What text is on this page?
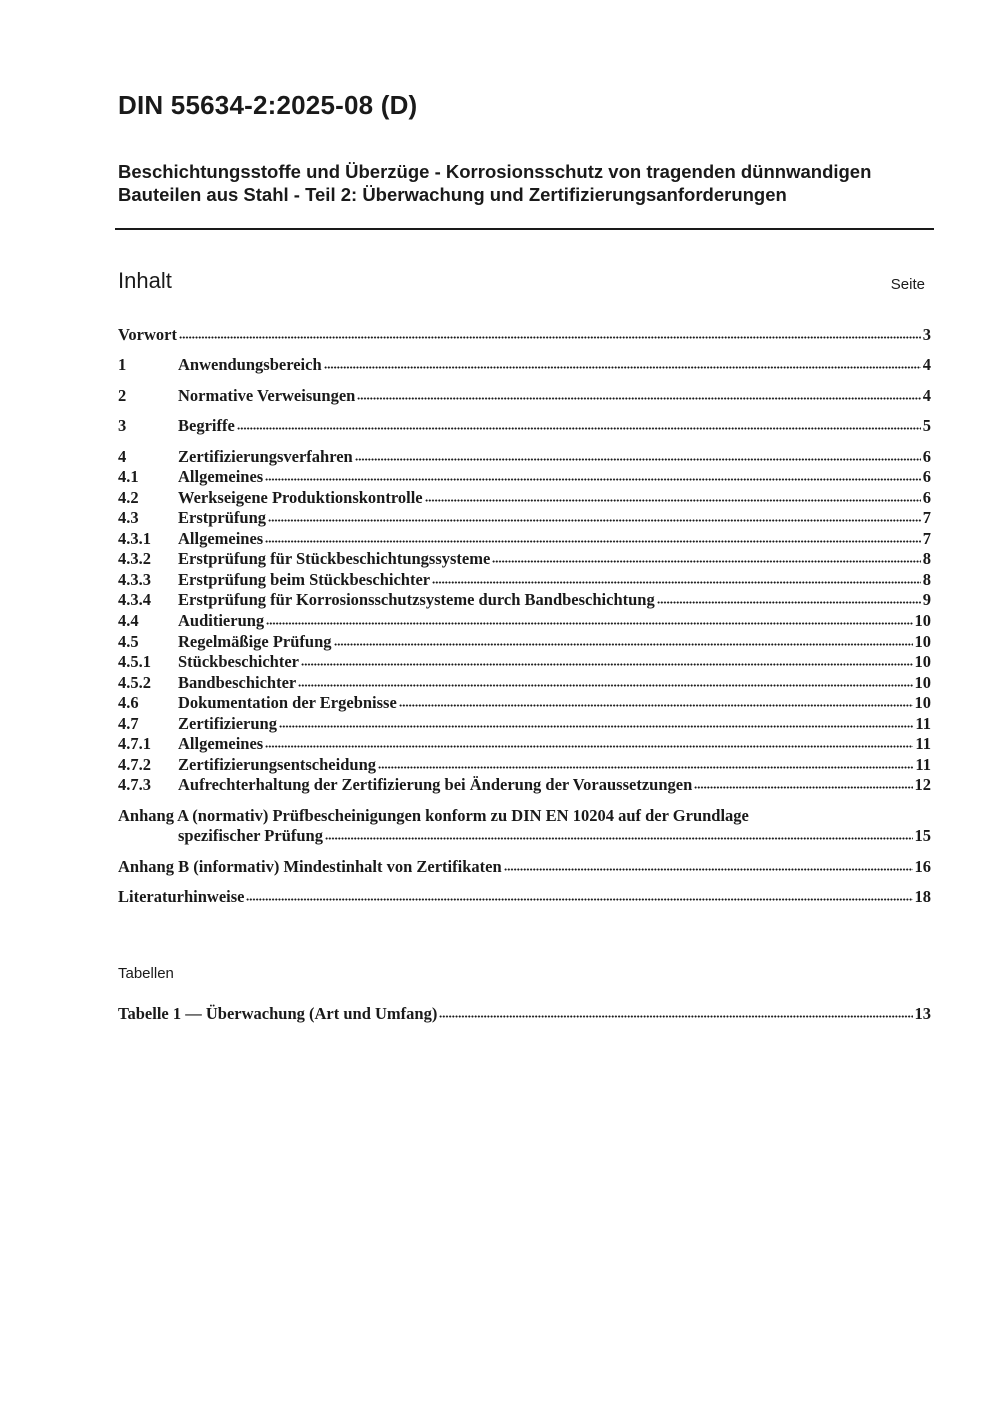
DIN 55634-2:2025-08 (D)
Beschichtungsstoffe und Überzüge - Korrosionsschutz von tragenden dünnwandigen Bauteilen aus Stahl - Teil 2: Überwachung und Zertifizierungsanforderungen
Inhalt	Seite
Vorwort	3
1	Anwendungsbereich	4
2	Normative Verweisungen	4
3	Begriffe	5
4	Zertifizierungsverfahren	6
4.1	Allgemeines	6
4.2	Werkseigene Produktionskontrolle	6
4.3	Erstprüfung	7
4.3.1	Allgemeines	7
4.3.2	Erstprüfung für Stückbeschichtungssysteme	8
4.3.3	Erstprüfung beim Stückbeschichter	8
4.3.4	Erstprüfung für Korrosionsschutzsysteme durch Bandbeschichtung	9
4.4	Auditierung	10
4.5	Regelmäßige Prüfung	10
4.5.1	Stückbeschichter	10
4.5.2	Bandbeschichter	10
4.6	Dokumentation der Ergebnisse	10
4.7	Zertifizierung	11
4.7.1	Allgemeines	11
4.7.2	Zertifizierungsentscheidung	11
4.7.3	Aufrechterhaltung der Zertifizierung bei Änderung der Voraussetzungen	12
Anhang A (normativ) Prüfbescheinigungen konform zu DIN EN 10204 auf der Grundlage
spezifischer Prüfung	15
Anhang B (informativ) Mindestinhalt von Zertifikaten	16
Literaturhinweise	18
Tabelle 1 — Überwachung (Art und Umfang)	13
Tabellen
